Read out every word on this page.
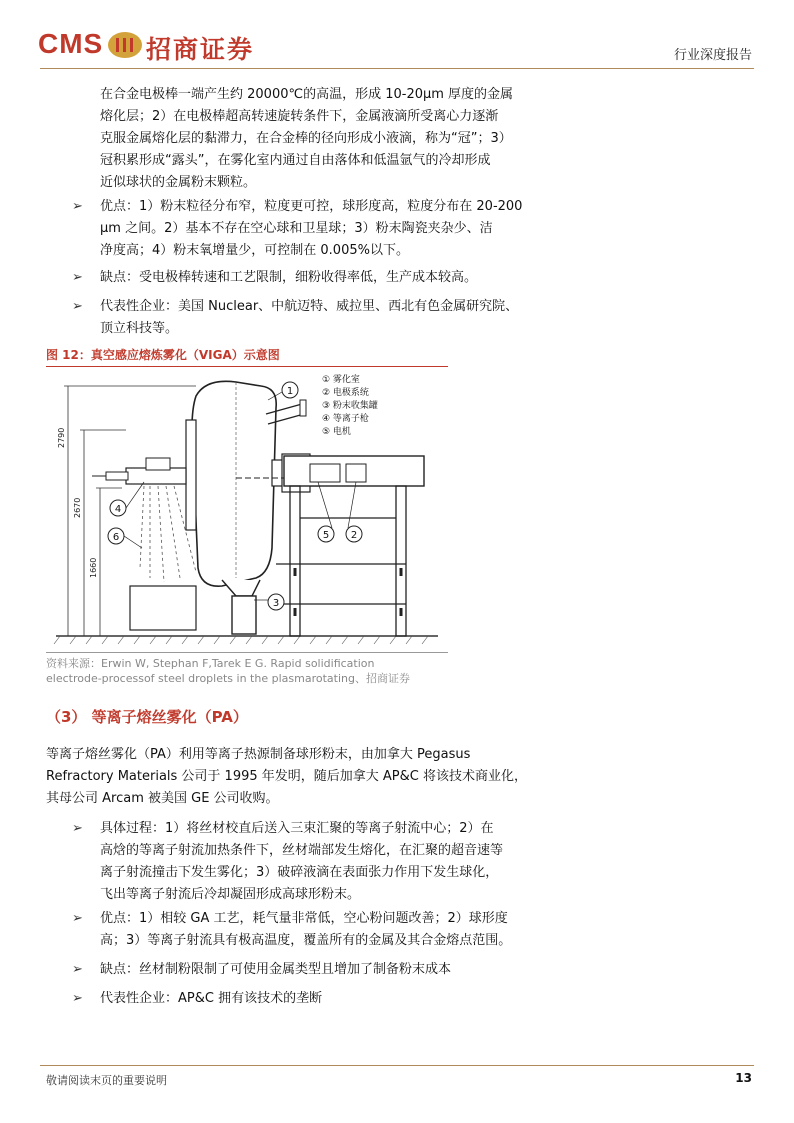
CMS 招商证券	行业深度报告
在合金电极棒一端产生约 20000℃的高温，形成 10-20μm 厚度的金属
熔化层；2）在电极棒超高转速旋转条件下，金属液滴所受离心力逐渐
克服金属熔化层的黏滞力，在合金棒的径向形成小液滴，称为“冠”；3）
冠积累形成“露头”，在雾化室内通过自由落体和低温氩气的冷却形成
近似球状的金属粉末颗粒。
➢ 优点：1）粉末粒径分布窄，粒度更可控，球形度高，粒度分布在 20-200
μm 之间。2）基本不存在空心球和卫星球；3）粉末陶瓷夹杂少、洁
净度高；4）粉末氧增量少，可控制在 0.005%以下。
➢ 缺点：受电极棒转速和工艺限制，细粉收得率低，生产成本较高。
➢ 代表性企业：美国 Nuclear、中航迈特、威拉里、西北有色金属研究院、
顶立科技等。
图 12：真空感应熔炼雾化（VIGA）示意图
2790
2670
1660
1
2
3
4
5
6
① 雾化室
② 电极系统
③ 粉末收集罐
④ 等离子枪
⑤ 电机
资料来源：Erwin W, Stephan F,Tarek E G. Rapid solidification
electrode-processof steel droplets in the plasmarotating、招商证券
（3） 等离子熔丝雾化（PA）
等离子熔丝雾化（PA）利用等离子热源制备球形粉末，由加拿大 Pegasus
Refractory Materials 公司于 1995 年发明，随后加拿大 AP&C 将该技术商业化，
其母公司 Arcam 被美国 GE 公司收购。
➢ 具体过程：1）将丝材校直后送入三束汇聚的等离子射流中心；2）在
高焓的等离子射流加热条件下，丝材端部发生熔化，在汇聚的超音速等
离子射流撞击下发生雾化；3）破碎液滴在表面张力作用下发生球化，
飞出等离子射流后冷却凝固形成高球形粉末。
➢ 优点：1）相较 GA 工艺，耗气量非常低，空心粉问题改善；2）球形度
高；3）等离子射流具有极高温度，覆盖所有的金属及其合金熔点范围。
➢ 缺点：丝材制粉限制了可使用金属类型且增加了制备粉末成本
➢ 代表性企业：AP&C 拥有该技术的垄断
敬请阅读末页的重要说明	13
